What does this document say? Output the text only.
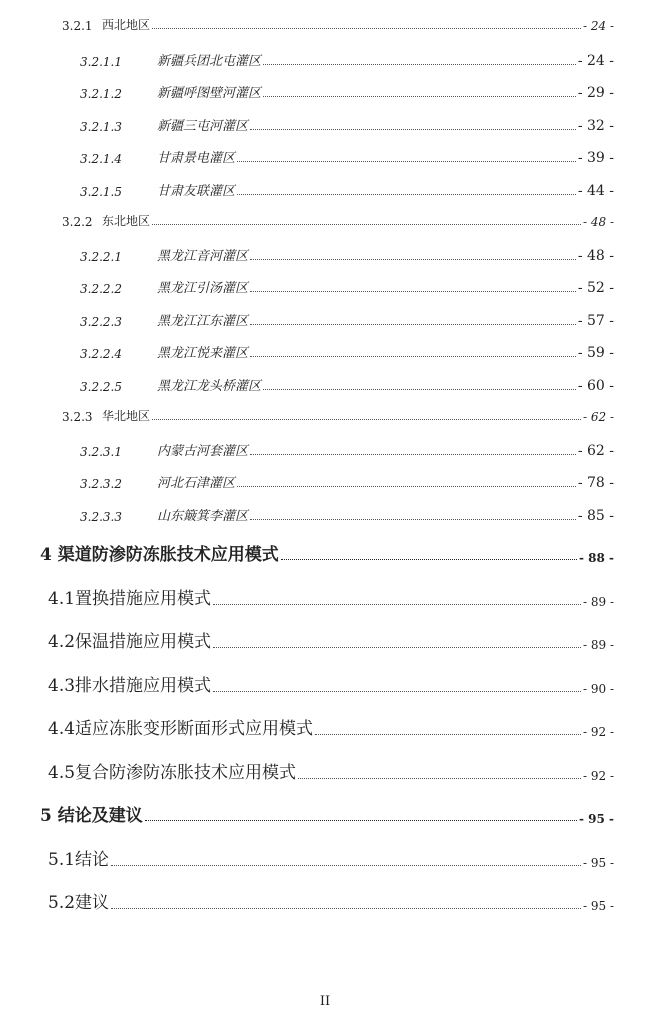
3.2.1 西北地区	- 24 -
3.2.1.1	新疆兵团北屯灌区	- 24 -
3.2.1.2	新疆呼图壁河灌区	- 29 -
3.2.1.3	新疆三屯河灌区	- 32 -
3.2.1.4	甘肃景电灌区	- 39 -
3.2.1.5	甘肃友联灌区	- 44 -
3.2.2 东北地区	- 48 -
3.2.2.1	黑龙江音河灌区	- 48 -
3.2.2.2	黑龙江引汤灌区	- 52 -
3.2.2.3	黑龙江江东灌区	- 57 -
3.2.2.4	黑龙江悦来灌区	- 59 -
3.2.2.5	黑龙江龙头桥灌区	- 60 -
3.2.3 华北地区	- 62 -
3.2.3.1	内蒙古河套灌区	- 62 -
3.2.3.2	河北石津灌区	- 78 -
3.2.3.3	山东簸箕李灌区	- 85 -
4 渠道防渗防冻胀技术应用模式	- 88 -
4.1置换措施应用模式	- 89 -
4.2保温措施应用模式	- 89 -
4.3排水措施应用模式	- 90 -
4.4适应冻胀变形断面形式应用模式	- 92 -
4.5复合防渗防冻胀技术应用模式	- 92 -
5 结论及建议	- 95 -
5.1结论	- 95 -
5.2建议	- 95 -
II
